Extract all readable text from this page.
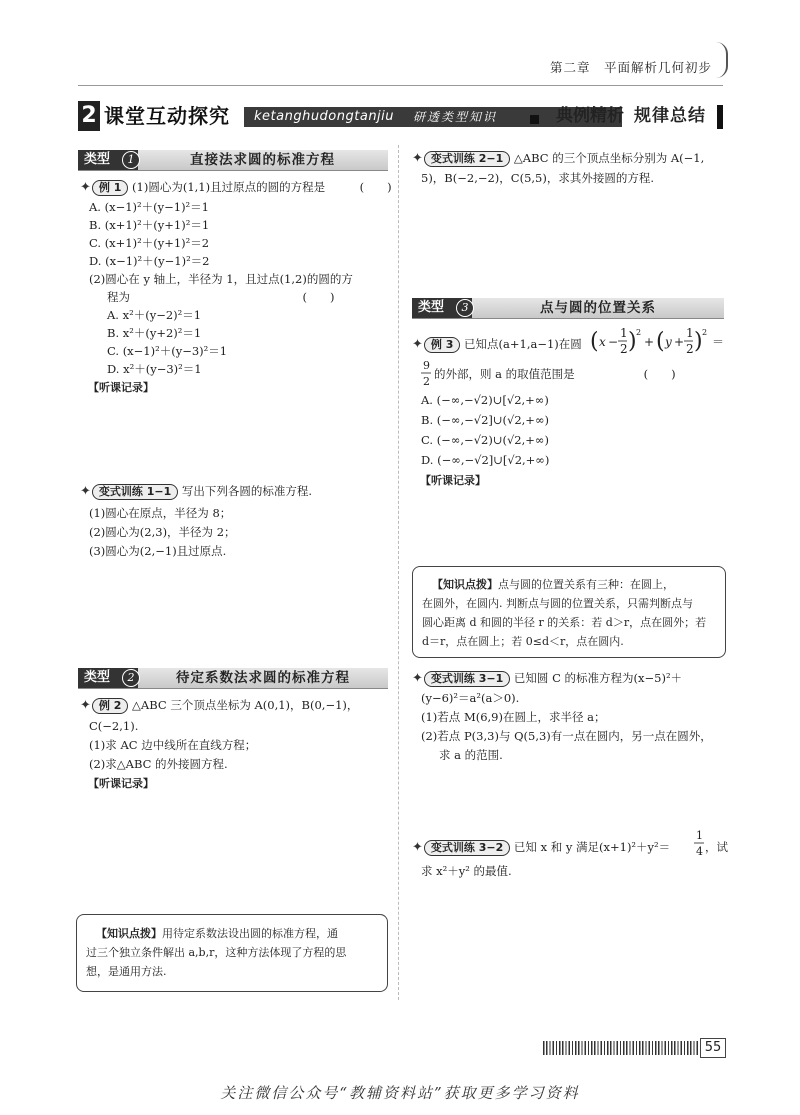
第二章　平面解析几何初步
2 课堂互动探究 ketanghudongtanjiu 研透类型知识	典例精析 规律总结
类型	1	直接法求圆的标准方程
✦ 例 1 (1)圆心为(1,1)且过原点的圆的方程是　　　(　　)
A. (x−1)²＋(y−1)²＝1
B. (x+1)²＋(y+1)²＝1
C. (x+1)²＋(y+1)²＝2
D. (x−1)²＋(y−1)²＝2
(2)圆心在 y 轴上，半径为 1，且过点(1,2)的圆的方
程为　　　　　　　　　　　　　　　(　　)
A. x²＋(y−2)²＝1
B. x²＋(y+2)²＝1
C. (x−1)²＋(y−3)²＝1
D. x²＋(y−3)²＝1
【听课记录】
✦ 变式训练 1−1 写出下列各圆的标准方程.
(1)圆心在原点，半径为 8；
(2)圆心为(2,3)，半径为 2；
(3)圆心为(2,−1)且过原点.
类型	2	待定系数法求圆的标准方程
✦ 例 2 △ABC 三个顶点坐标为 A(0,1)，B(0,−1)，
C(−2,1).
(1)求 AC 边中线所在直线方程；
(2)求△ABC 的外接圆方程.
【听课记录】
【知识点拨】用待定系数法设出圆的标准方程，通
过三个独立条件解出 a,b,r，这种方法体现了方程的思
想，是通用方法.
✦ 变式训练 2−1 △ABC 的三个顶点坐标分别为 A(−1,
5)，B(−2,−2)，C(5,5)，求其外接圆的方程.
类型	3	点与圆的位置关系
✦ 例 3 已知点(a+1,a−1)在圆 ( x −
1
2 ) 2
+ ( y +
1
2 ) 2
＝
9
2
的外部，则 a 的取值范围是　　　　　　(　　)
A. (−∞,−√2)∪[√2,+∞)
B. (−∞,−√2]∪(√2,+∞)
C. (−∞,−√2)∪(√2,+∞)
D. (−∞,−√2]∪[√2,+∞)
【听课记录】
【知识点拨】点与圆的位置关系有三种：在圆上，
在圆外，在圆内. 判断点与圆的位置关系，只需判断点与
圆心距离 d 和圆的半径 r 的关系：若 d＞r，点在圆外；若
d＝r，点在圆上；若 0≤d＜r，点在圆内.
✦ 变式训练 3−1 已知圆 C 的标准方程为(x−5)²＋
(y−6)²＝a²(a＞0).
(1)若点 M(6,9)在圆上，求半径 a；
(2)若点 P(3,3)与 Q(5,3)有一点在圆内，另一点在圆外，
求 a 的范围.
✦ 变式训练 3−2 已知 x 和 y 满足(x+1)²＋y²＝
1
4 ，试
求 x²＋y² 的最值.
55
关注微信公众号“教辅资料站”获取更多学习资料
